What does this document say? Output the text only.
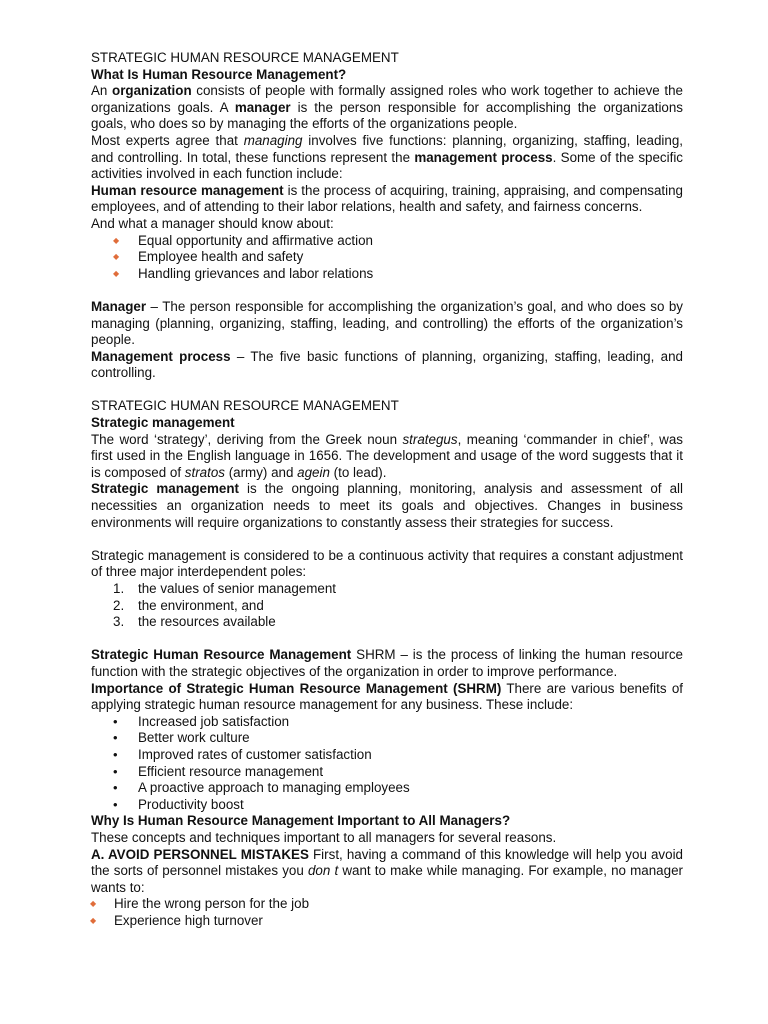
STRATEGIC HUMAN RESOURCE MANAGEMENT

What Is Human Resource Management?

An organization consists of people with formally assigned roles who work together to achieve the organizations goals. A manager is the person responsible for accomplishing the organizations goals, who does so by managing the efforts of the organizations people.

Most experts agree that managing involves five functions: planning, organizing, staffing, leading, and controlling. In total, these functions represent the management process. Some of the specific activities involved in each function include:

Human resource management is the process of acquiring, training, appraising, and compensating employees, and of attending to their labor relations, health and safety, and fairness concerns.

And what a manager should know about:

◆	Equal opportunity and affirmative action
◆	Employee health and safety
◆	Handling grievances and labor relations

Manager – The person responsible for accomplishing the organization’s goal, and who does so by managing (planning, organizing, staffing, leading, and controlling) the efforts of the organization’s people.

Management process – The five basic functions of planning, organizing, staffing, leading, and controlling.

STRATEGIC HUMAN RESOURCE MANAGEMENT

Strategic management

The word ‘strategy’, deriving from the Greek noun strategus, meaning ‘commander in chief’, was first used in the English language in 1656. The development and usage of the word suggests that it is composed of stratos (army) and agein (to lead).

Strategic management is the ongoing planning, monitoring, analysis and assessment of all necessities an organization needs to meet its goals and objectives. Changes in business environments will require organizations to constantly assess their strategies for success.

Strategic management is considered to be a continuous activity that requires a constant adjustment of three major interdependent poles:

1. the values of senior management
2. the environment, and
3. the resources available

Strategic Human Resource Management SHRM – is the process of linking the human resource function with the strategic objectives of the organization in order to improve performance.

Importance of Strategic Human Resource Management (SHRM) There are various benefits of applying strategic human resource management for any business. These include:

•	Increased job satisfaction
•	Better work culture
•	Improved rates of customer satisfaction
•	Efficient resource management
•	A proactive approach to managing employees
•	Productivity boost

Why Is Human Resource Management Important to All Managers?

These concepts and techniques important to all managers for several reasons.

A. AVOID PERSONNEL MISTAKES First, having a command of this knowledge will help you avoid the sorts of personnel mistakes you don t want to make while managing. For example, no manager wants to:

◆	Hire the wrong person for the job
◆	Experience high turnover
